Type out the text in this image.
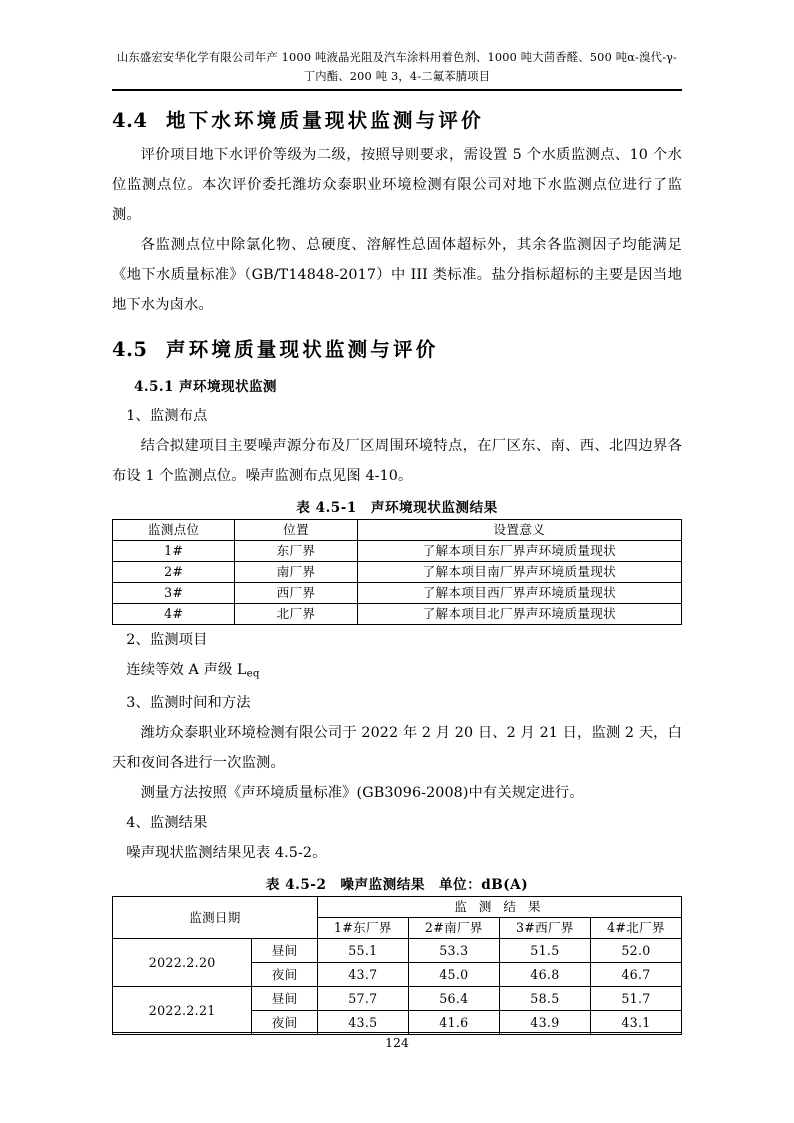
山东盛宏安华化学有限公司年产 1000 吨液晶光阻及汽车涂料用着色剂、1000 吨大茴香醛、500 吨α-溴代-γ-
丁内酯、200 吨 3，4-二氟苯腈项目
4.4 地下水环境质量现状监测与评价

评价项目地下水评价等级为二级，按照导则要求，需设置 5 个水质监测点、10 个水位监测点位。本次评价委托潍坊众泰职业环境检测有限公司对地下水监测点位进行了监测。

各监测点位中除氯化物、总硬度、溶解性总固体超标外，其余各监测因子均能满足《地下水质量标准》（GB/T14848-2017）中 III 类标准。盐分指标超标的主要是因当地地下水为卤水。

4.5 声环境质量现状监测与评价
4.5.1 声环境现状监测

1、监测布点

结合拟建项目主要噪声源分布及厂区周围环境特点，在厂区东、南、西、北四边界各布设 1 个监测点位。噪声监测布点见图 4-10。

表 4.5-1 声环境现状监测结果
监测点位	位置	设置意义
1#	东厂界	了解本项目东厂界声环境质量现状
2#	南厂界	了解本项目南厂界声环境质量现状
3#	西厂界	了解本项目西厂界声环境质量现状
4#	北厂界	了解本项目北厂界声环境质量现状

2、监测项目

连续等效 A 声级 $L_{eq}$

3、监测时间和方法

潍坊众泰职业环境检测有限公司于 2022 年 2 月 20 日、2 月 21 日，监测 2 天，白天和夜间各进行一次监测。

测量方法按照《声环境质量标准》(GB3096-2008)中有关规定进行。

4、监测结果

噪声现状监测结果见表 4.5-2。

表 4.5-2 噪声监测结果 单位：dB(A)
监测日期		监 测 结 果			
		1#东厂界	2#南厂界	3#西厂界	4#北厂界
2022.2.20	昼间	55.1	53.3	51.5	52.0
	夜间	43.7	45.0	46.8	46.7
2022.2.21	昼间	57.7	56.4	58.5	51.7
	夜间	43.5	41.6	43.9	43.1
124
